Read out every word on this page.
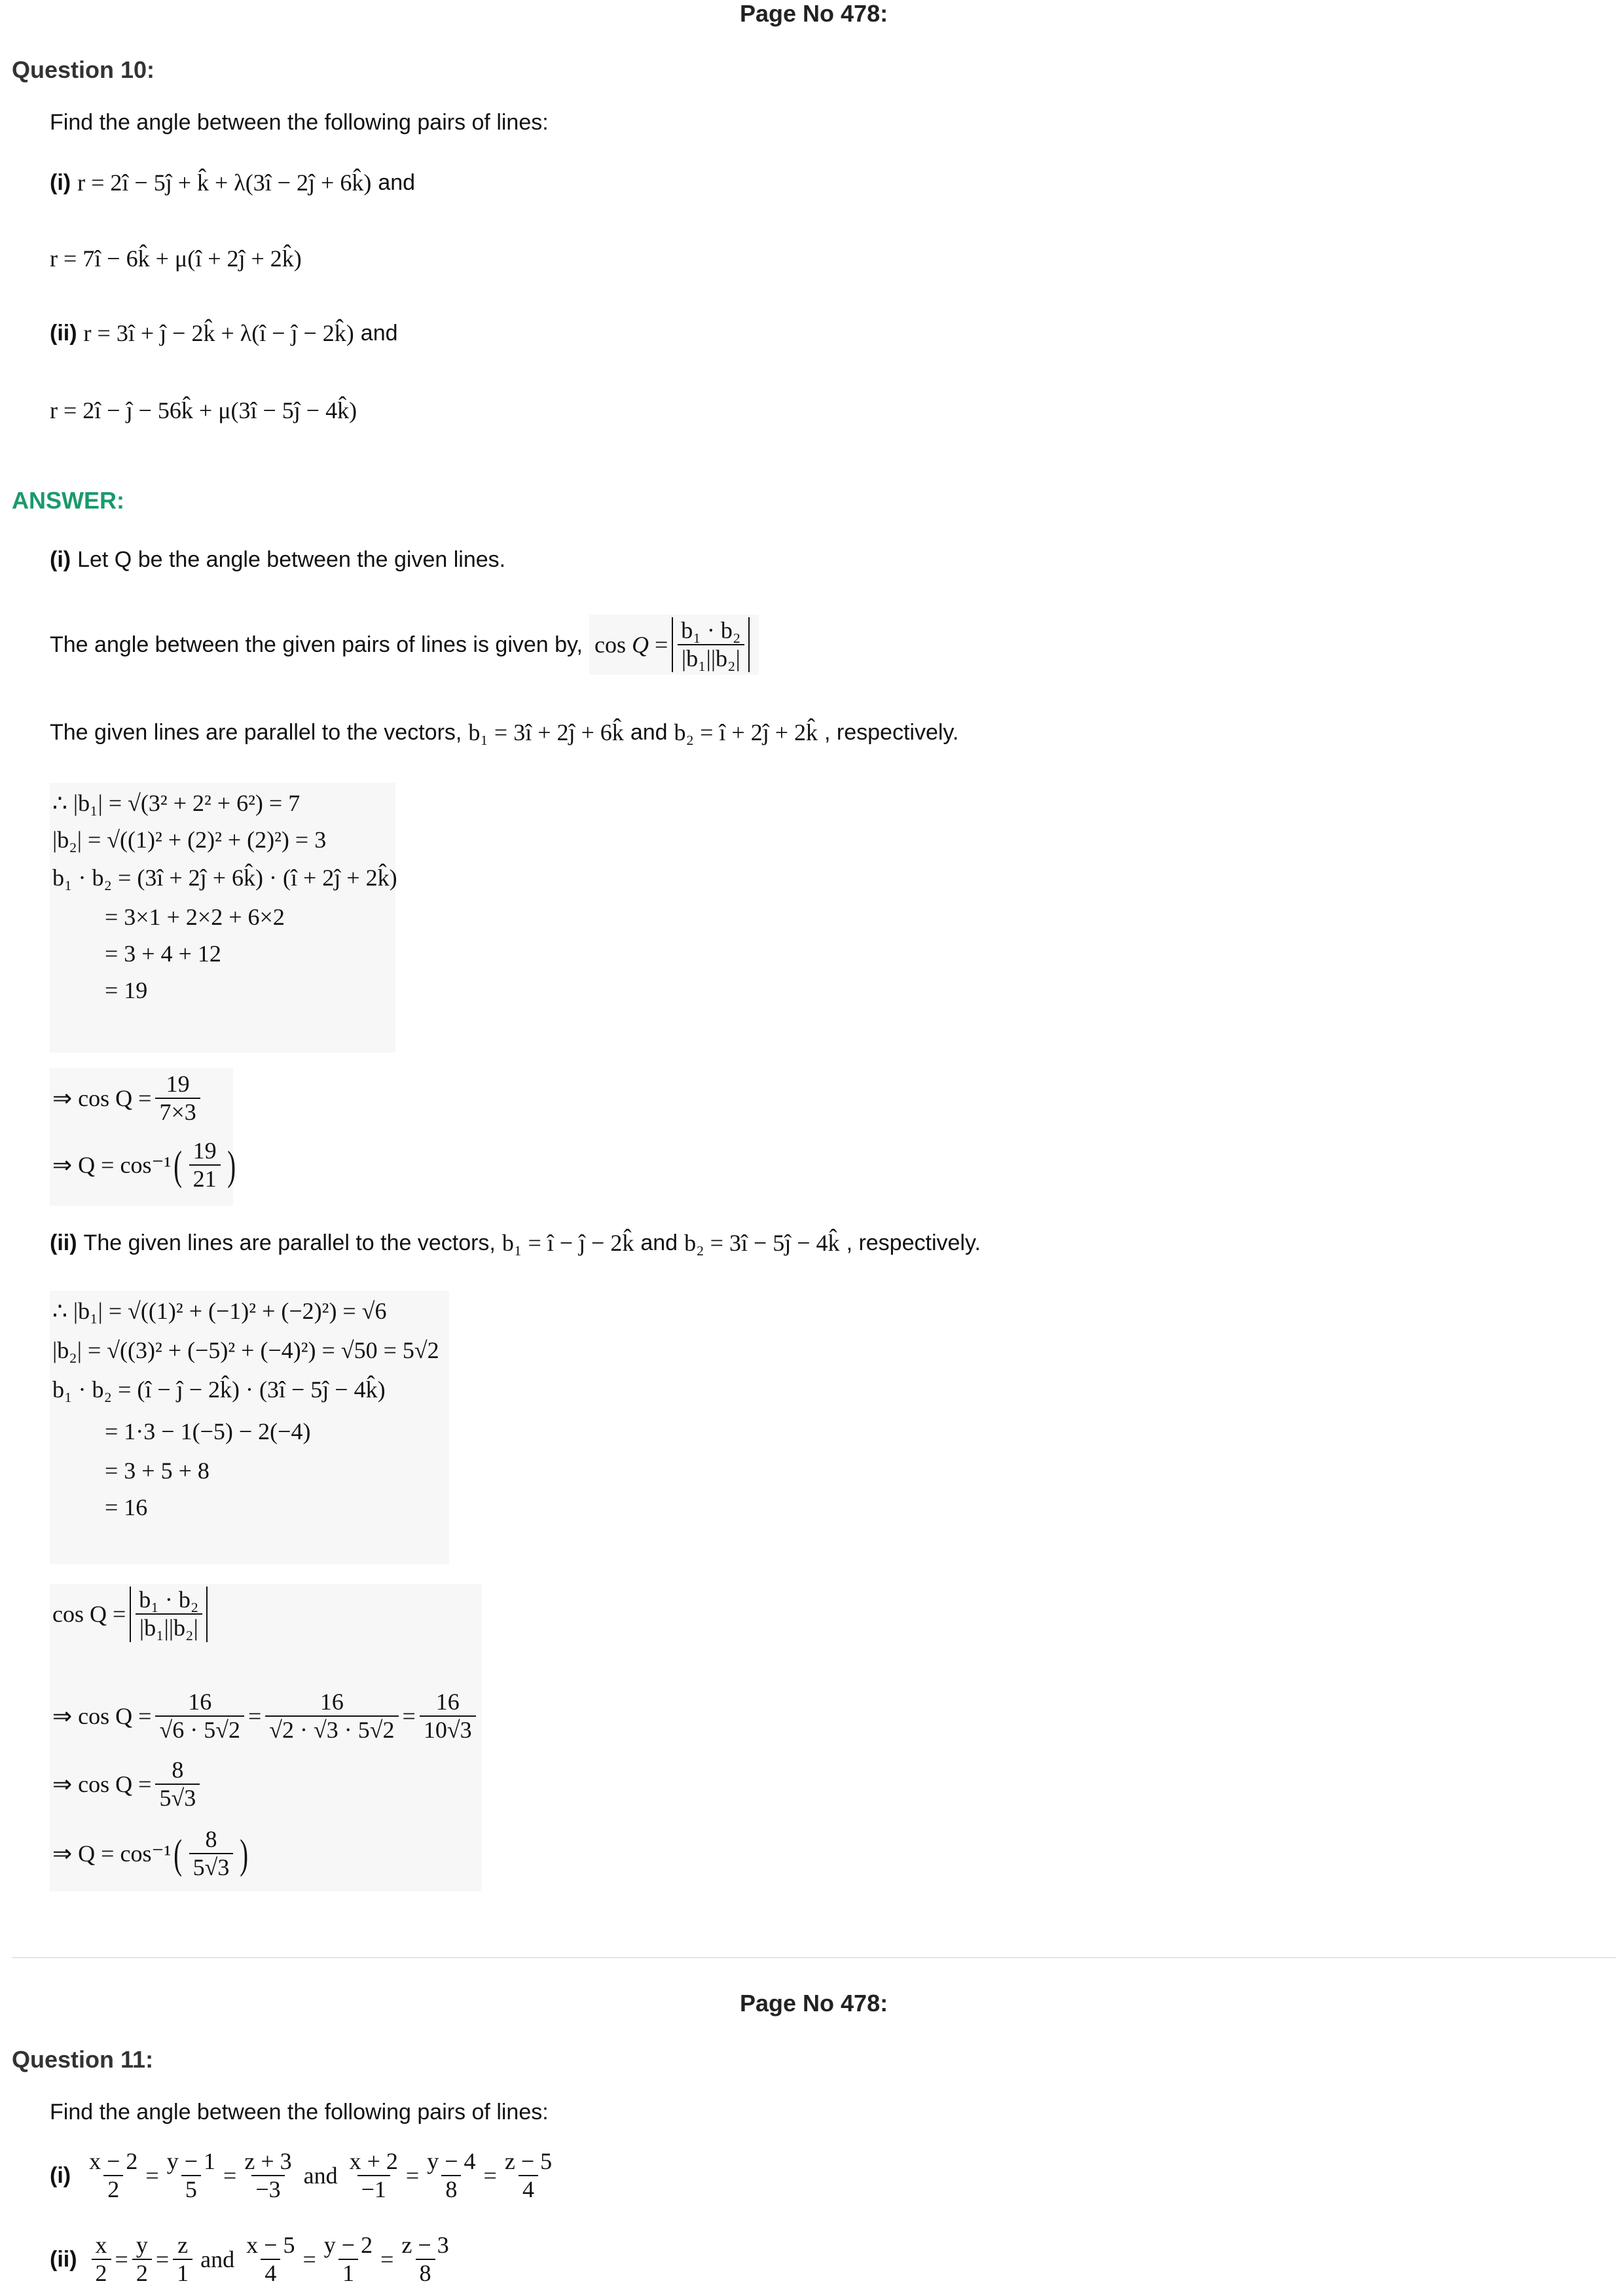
Page No 478:
Question 10:
Find the angle between the following pairs of lines:
(i) r = 2î − 5ĵ + k̂ + λ(3î − 2ĵ + 6k̂) and
r = 7î − 6k̂ + μ(î + 2ĵ + 2k̂)
(ii) r = 3î + ĵ − 2k̂ + λ(î − ĵ − 2k̂) and
r = 2î − ĵ − 56k̂ + μ(3î − 5ĵ − 4k̂)
ANSWER:
(i) Let Q be the angle between the given lines.
The angle between the given pairs of lines is given by, $\cos Q = \frac{\text{b₁ · b₂}}{\text{|b₁||b₂|}}$
The given lines are parallel to the vectors, b₁ = 3î + 2ĵ + 6k̂ and b₂ = î + 2ĵ + 2k̂ , respectively.
∴ |b₁| = √(3² + 2² + 6²) = 7
|b₂| = √((1)² + (2)² + (2)²) = 3
b₁ · b₂ = (3î + 2ĵ + 6k̂) · (î + 2ĵ + 2k̂)
= 3×1 + 2×2 + 6×2
= 3 + 4 + 12
= 19
⇒ $\cos Q = \frac{19}{7\times 3}$
⇒ Q = cos⁻¹ ( $\frac{19}{21}$ )
(ii) The given lines are parallel to the vectors, b₁ = î − ĵ − 2k̂ and b₂ = 3î − 5ĵ − 4k̂ , respectively.
∴ |b₁| = √((1)² + (−1)² + (−2)²) = √6
|b₂| = √((3)² + (−5)² + (−4)²) = √50 = 5√2
b₁ · b₂ = (î − ĵ − 2k̂) · (3î − 5ĵ − 4k̂)
= 1·3 − 1(−5) − 2(−4)
= 3 + 5 + 8
= 16
$\cos Q = \frac{\text{b₁ · b₂}}{\text{|b₁||b₂|}}$
⇒ $\cos Q = \frac{16}{√6 \cdot 5√2} = \frac{16}{√2 \cdot √3 \cdot 5√2} = \frac{16}{10√3}$
⇒ $\cos Q = \frac{8}{5√3}$
⇒ Q = cos⁻¹ ( $\frac{8}{5√3}$ )
Page No 478:
Question 11:
Find the angle between the following pairs of lines:
$(i) \frac{x - 2}{2} = \frac{y - 1}{5} = \frac{z + 3}{-3}$ and $\frac{x + 2}{-1} = \frac{y - 4}{8} = \frac{z - 5}{4}$
$(ii) \frac{x}{2} = \frac{y}{2} = \frac{z}{1}$ and $\frac{x - 5}{4} = \frac{y - 2}{1} = \frac{z - 3}{8}$
